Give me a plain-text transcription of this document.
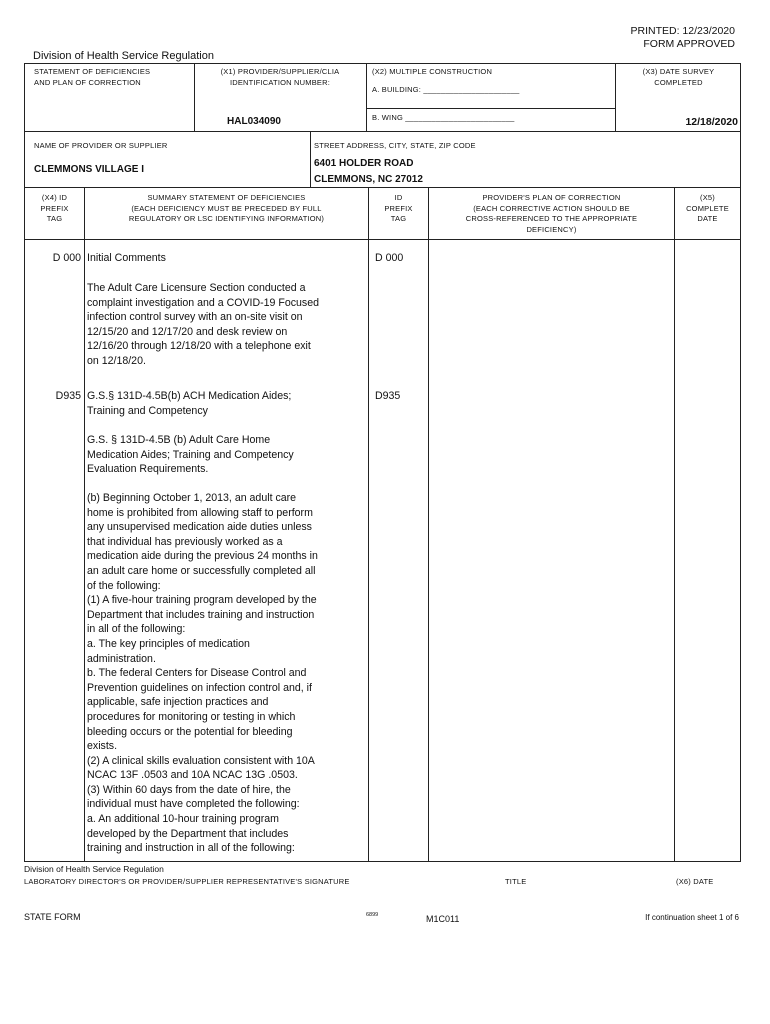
PRINTED: 12/23/2020
FORM APPROVED
Division of Health Service Regulation
STATEMENT OF DEFICIENCIES
AND PLAN OF CORRECTION
(X1) PROVIDER/SUPPLIER/CLIA
IDENTIFICATION NUMBER:
HAL034090
(X2) MULTIPLE CONSTRUCTION
A. BUILDING: ______________________
B. WING _________________________
(X3) DATE SURVEY
COMPLETED
12/18/2020
NAME OF PROVIDER OR SUPPLIER
CLEMMONS VILLAGE I
STREET ADDRESS, CITY, STATE, ZIP CODE
6401 HOLDER ROAD
CLEMMONS, NC 27012
(X4) ID
PREFIX
TAG
SUMMARY STATEMENT OF DEFICIENCIES
(EACH DEFICIENCY MUST BE PRECEDED BY FULL
REGULATORY OR LSC IDENTIFYING INFORMATION)
ID
PREFIX
TAG
PROVIDER'S PLAN OF CORRECTION
(EACH CORRECTIVE ACTION SHOULD BE
CROSS-REFERENCED TO THE APPROPRIATE
DEFICIENCY)
(X5)
COMPLETE
DATE
D 000	D 000
Initial Comments
The Adult Care Licensure Section conducted a
complaint investigation and a COVID-19 Focused
infection control survey with an on-site visit on
12/15/20 and 12/17/20 and desk review on
12/16/20 through 12/18/20 with a telephone exit
on 12/18/20.
D935	D935
G.S.§ 131D-4.5B(b) ACH Medication Aides;
Training and Competency
G.S. § 131D-4.5B (b) Adult Care Home
Medication Aides; Training and Competency
Evaluation Requirements.
(b) Beginning October 1, 2013, an adult care
home is prohibited from allowing staff to perform
any unsupervised medication aide duties unless
that individual has previously worked as a
medication aide during the previous 24 months in
an adult care home or successfully completed all
of the following:
(1) A five-hour training program developed by the
Department that includes training and instruction
in all of the following:
a. The key principles of medication
administration.
b. The federal Centers for Disease Control and
Prevention guidelines on infection control and, if
applicable, safe injection practices and
procedures for monitoring or testing in which
bleeding occurs or the potential for bleeding
exists.
(2) A clinical skills evaluation consistent with 10A
NCAC 13F .0503 and 10A NCAC 13G .0503.
(3) Within 60 days from the date of hire, the
individual must have completed the following:
a. An additional 10-hour training program
developed by the Department that includes
training and instruction in all of the following:
Division of Health Service Regulation
LABORATORY DIRECTOR'S OR PROVIDER/SUPPLIER REPRESENTATIVE'S SIGNATURE	TITLE	(X6) DATE
STATE FORM	6899	M1C011	If continuation sheet 1 of 6
